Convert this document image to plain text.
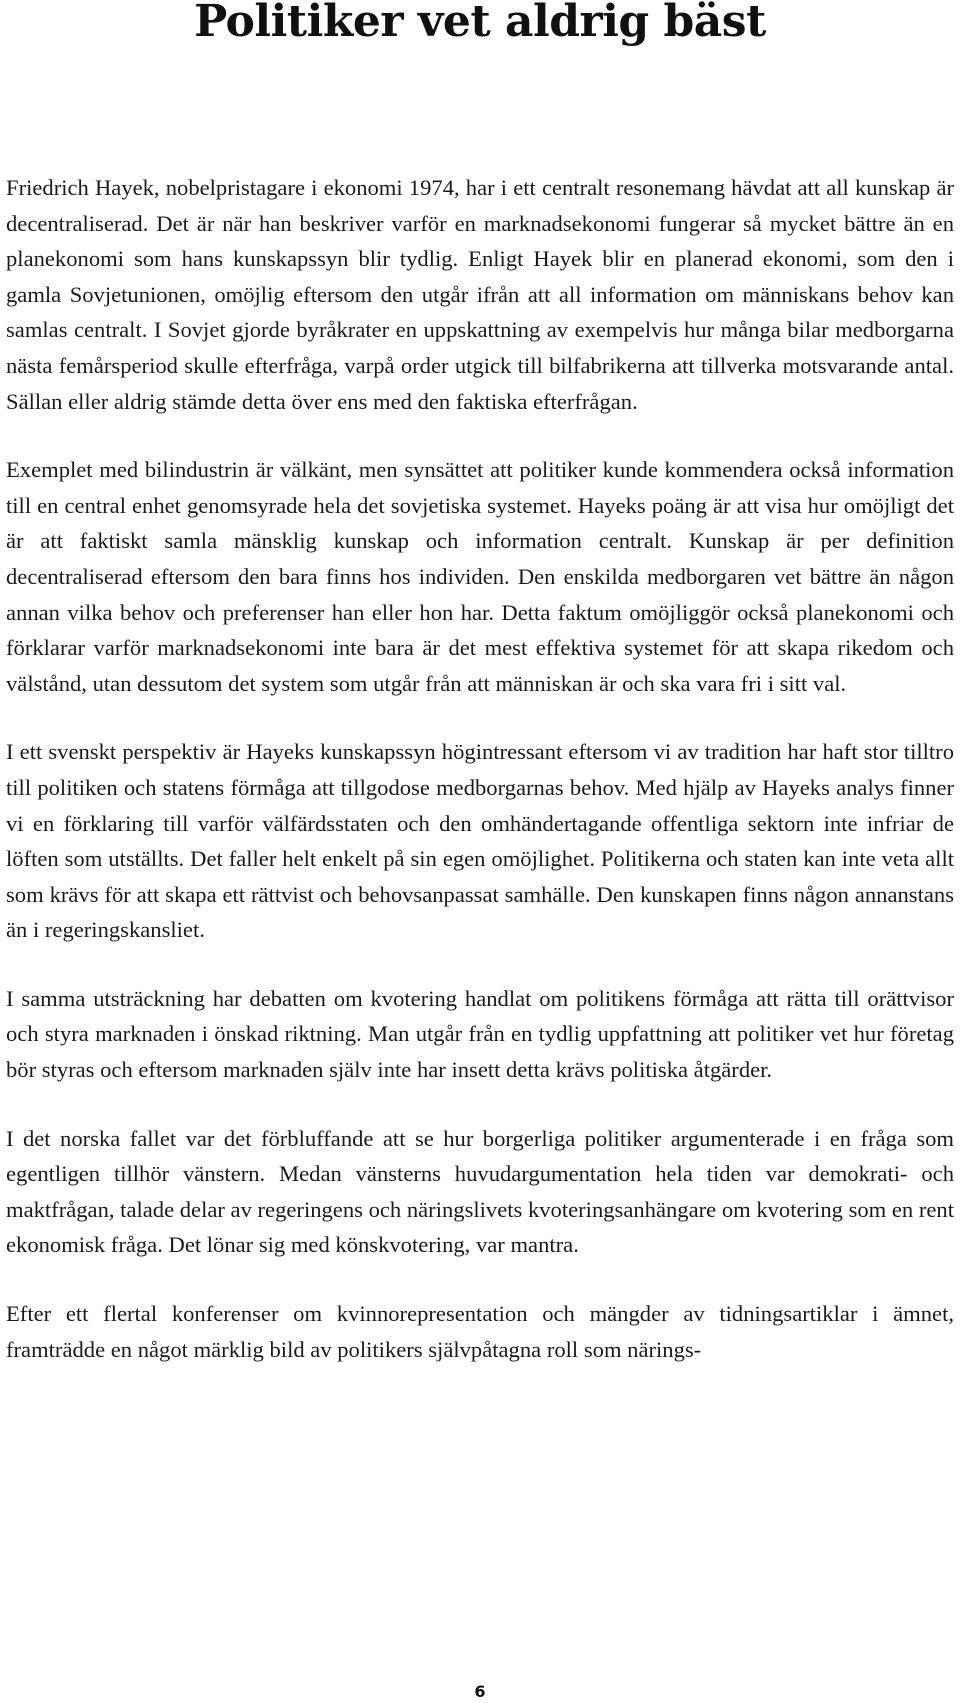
Politiker vet aldrig bäst

Friedrich Hayek, nobelpristagare i ekonomi 1974, har i ett centralt resonemang hävdat att all kunskap är decentraliserad. Det är när han beskriver varför en marknadsekonomi fungerar så mycket bättre än en planekonomi som hans kunskapssyn blir tydlig. Enligt Hayek blir en planerad ekonomi, som den i gamla Sovjetunionen, omöjlig eftersom den utgår ifrån att all information om människans behov kan samlas centralt. I Sovjet gjorde byråkrater en uppskattning av exempelvis hur många bilar medborgarna nästa femårsperiod skulle efterfråga, varpå order utgick till bilfabrikerna att tillverka motsvarande antal. Sällan eller aldrig stämde detta över ens med den faktiska efterfrågan.

Exemplet med bilindustrin är välkänt, men synsättet att politiker kunde kommendera också information till en central enhet genomsyrade hela det sovjetiska systemet. Hayeks poäng är att visa hur omöjligt det är att faktiskt samla mänsklig kunskap och information centralt. Kunskap är per definition decentraliserad eftersom den bara finns hos individen. Den enskilda medborgaren vet bättre än någon annan vilka behov och preferenser han eller hon har. Detta faktum omöjliggör också planekonomi och förklarar varför marknadsekonomi inte bara är det mest effektiva systemet för att skapa rikedom och välstånd, utan dessutom det system som utgår från att människan är och ska vara fri i sitt val.

I ett svenskt perspektiv är Hayeks kunskapssyn högintressant eftersom vi av tradition har haft stor tilltro till politiken och statens förmåga att tillgodose medborgarnas behov. Med hjälp av Hayeks analys finner vi en förklaring till varför välfärdsstaten och den omhändertagande offentliga sektorn inte infriar de löften som utställts. Det faller helt enkelt på sin egen omöjlighet. Politikerna och staten kan inte veta allt som krävs för att skapa ett rättvist och behovsanpassat samhälle. Den kunskapen finns någon annanstans än i regeringskansliet.

I samma utsträckning har debatten om kvotering handlat om politikens förmåga att rätta till orättvisor och styra marknaden i önskad riktning. Man utgår från en tydlig uppfattning att politiker vet hur företag bör styras och eftersom marknaden själv inte har insett detta krävs politiska åtgärder.

I det norska fallet var det förbluffande att se hur borgerliga politiker argumenterade i en fråga som egentligen tillhör vänstern. Medan vänsterns huvudargumentation hela tiden var demokrati- och maktfrågan, talade delar av regeringens och näringslivets kvoteringsanhängare om kvotering som en rent ekonomisk fråga. Det lönar sig med könskvotering, var mantra.

Efter ett flertal konferenser om kvinnorepresentation och mängder av tidningsartiklar i ämnet, framträdde en något märklig bild av politikers självpåtagna roll som närings-

6
